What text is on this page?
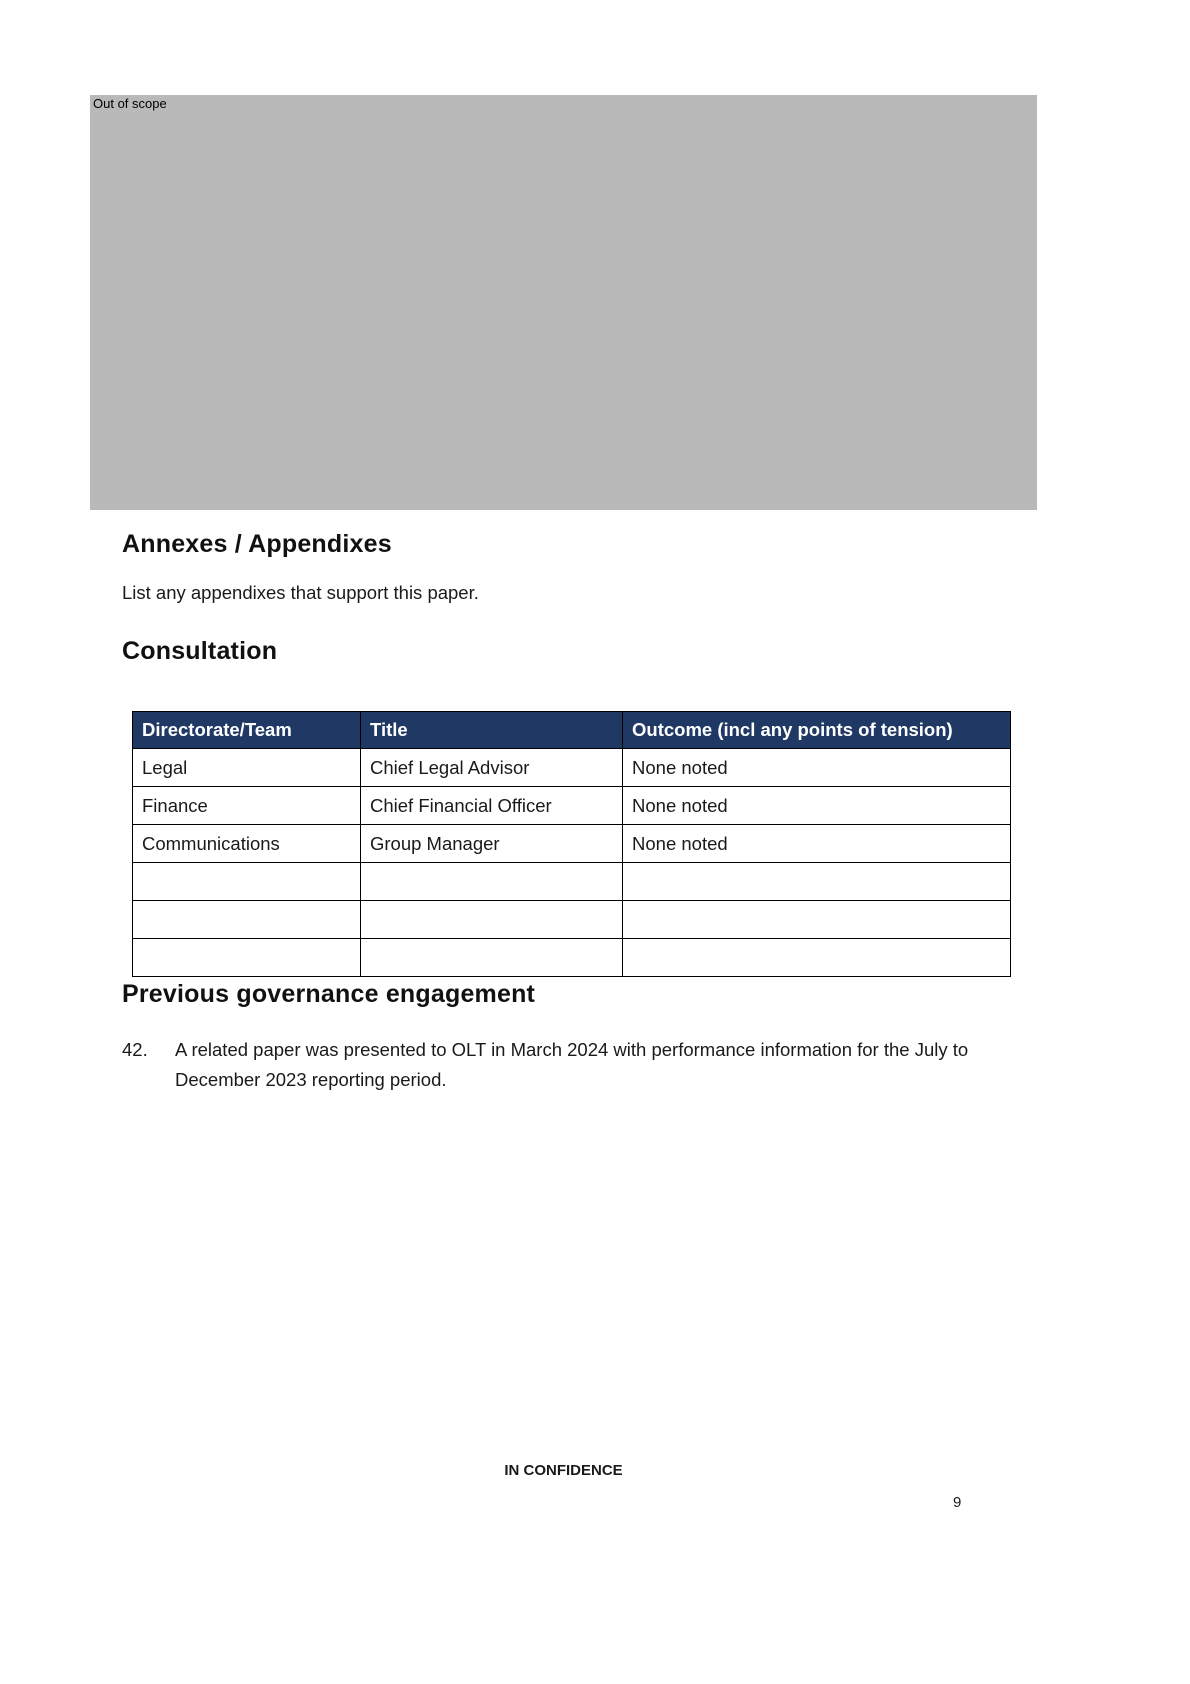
Out of scope
Annexes / Appendixes

List any appendixes that support this paper.

Consultation
Directorate/Team	Title	Outcome (incl any points of tension)
Legal	Chief Legal Advisor	None noted
Finance	Chief Financial Officer	None noted
Communications	Group Manager	None noted

Previous governance engagement
42.	A related paper was presented to OLT in March 2024 with performance information for the July to December 2023 reporting period.
IN CONFIDENCE
9
